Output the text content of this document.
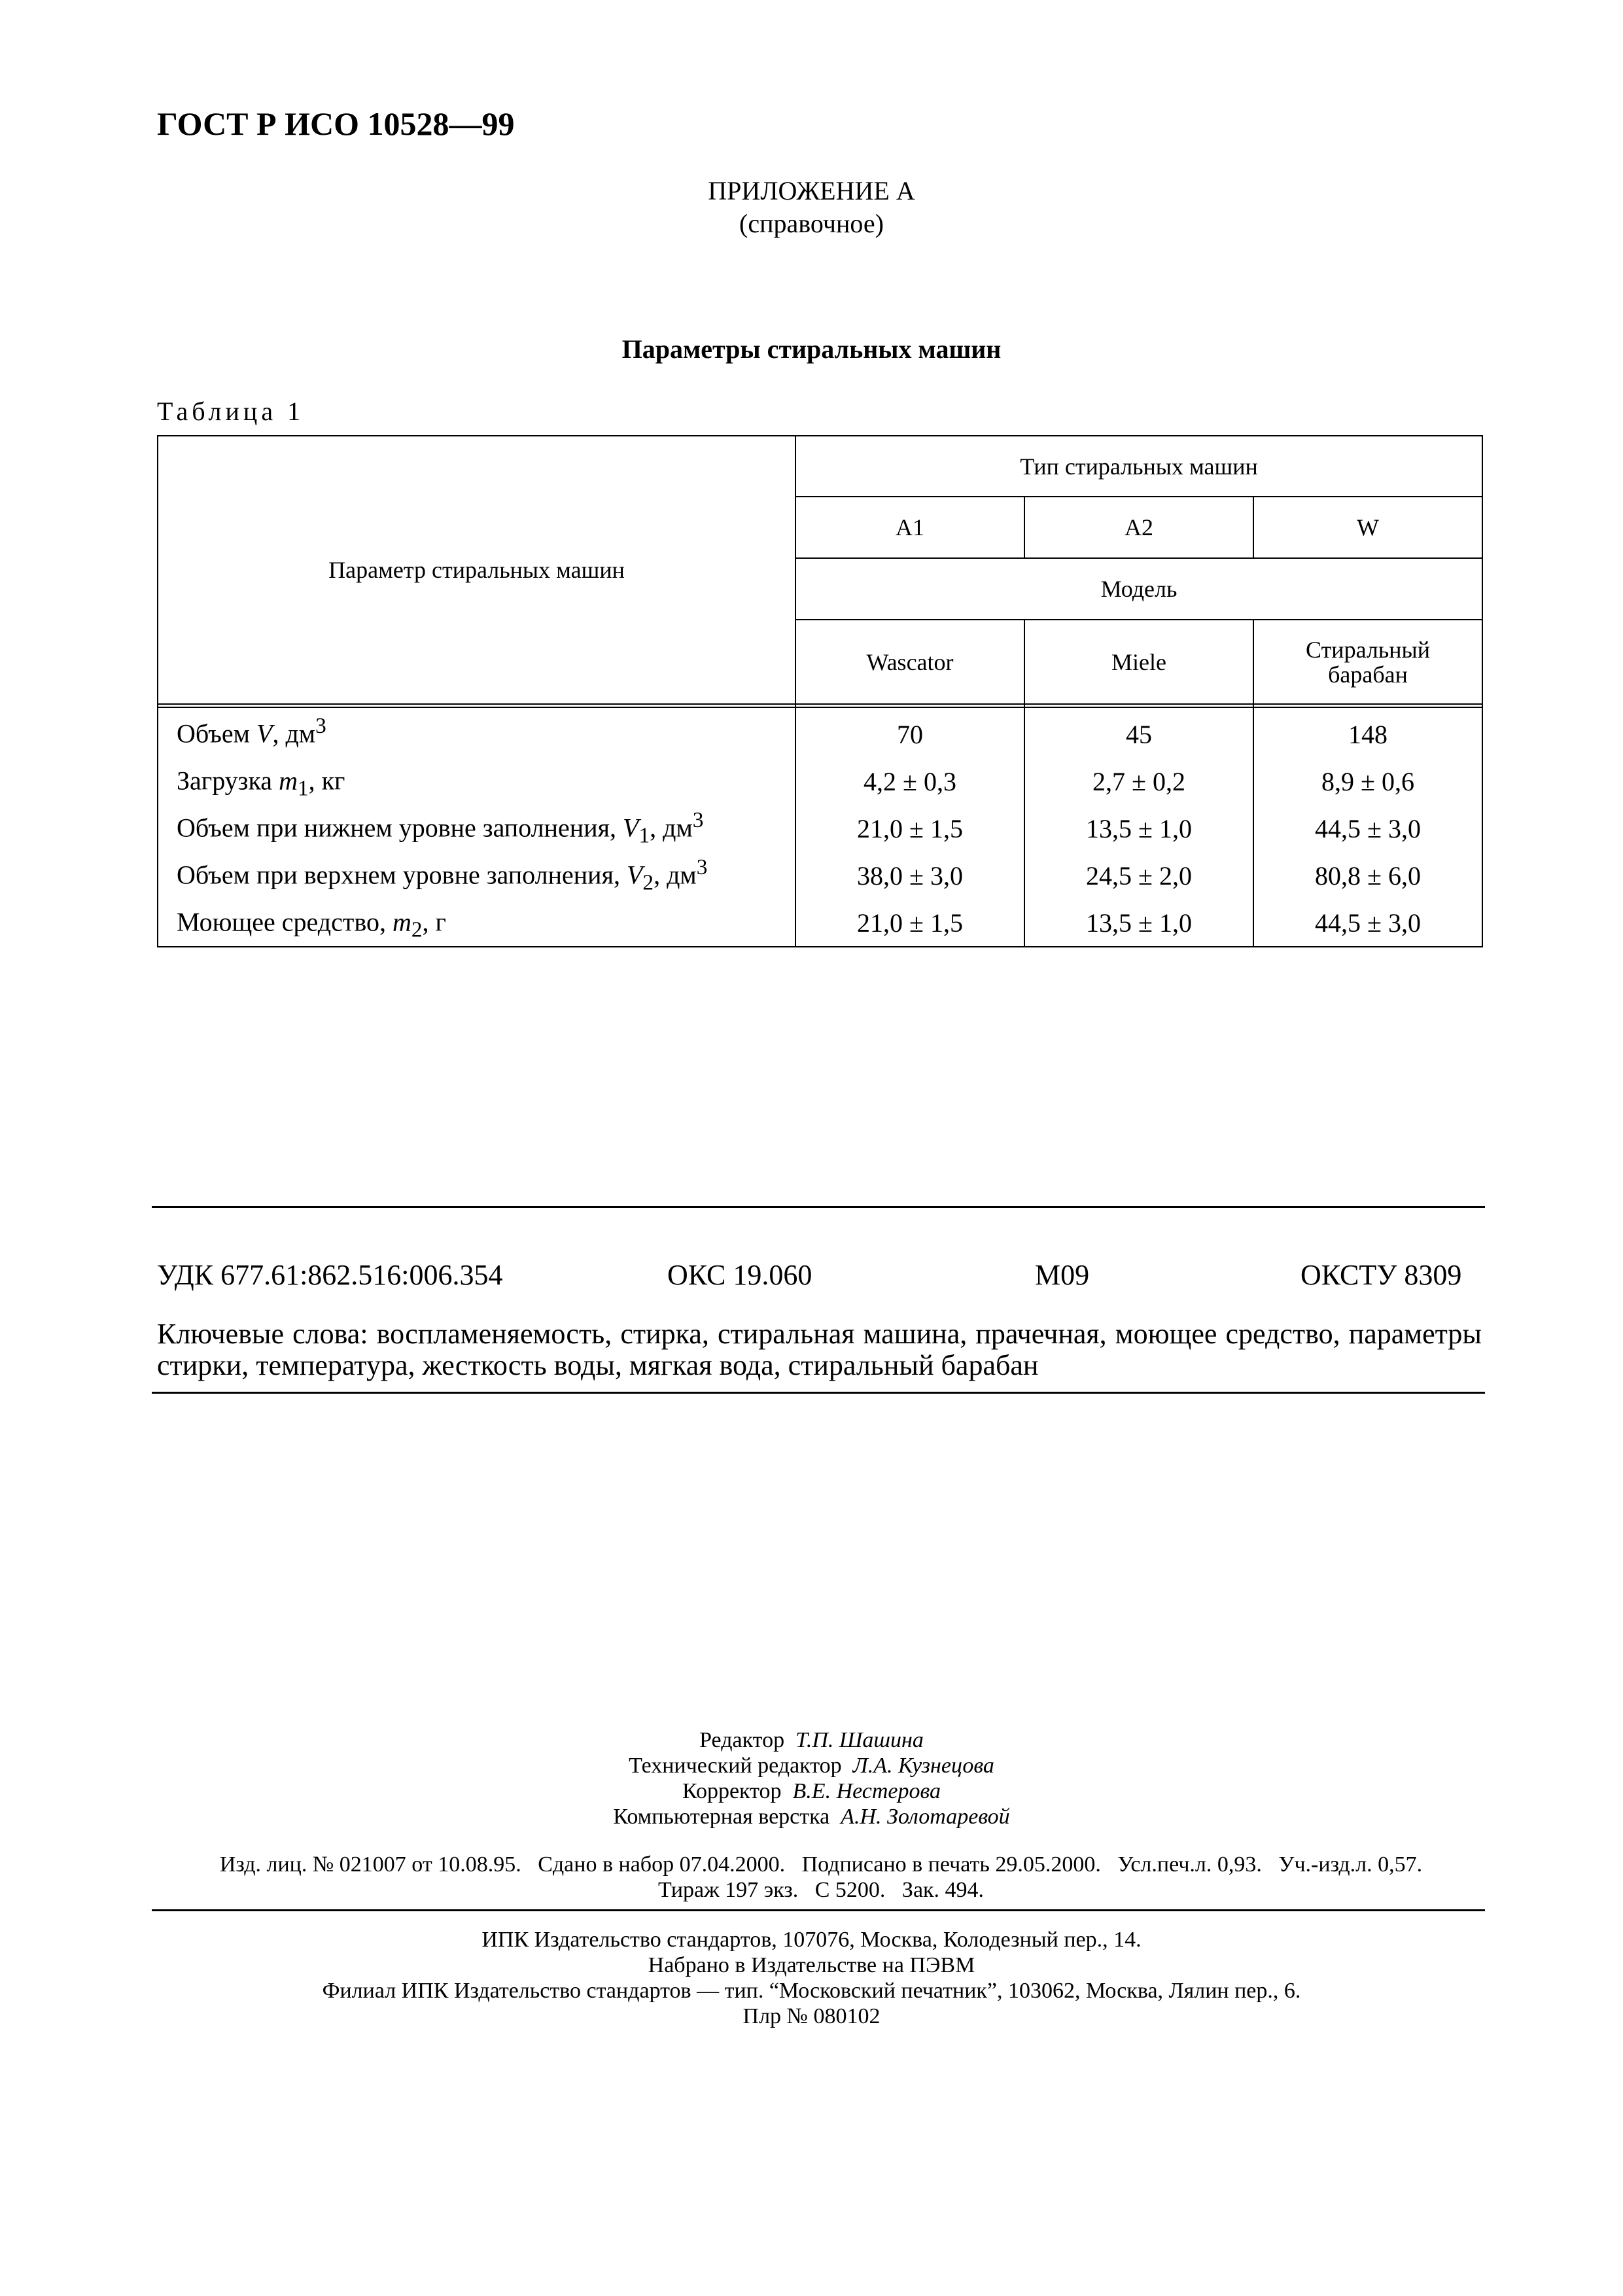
ГОСТ Р ИСО 10528—99
ПРИЛОЖЕНИЕ А
(справочное)
Параметры стиральных машин
Таблица 1
Параметр стиральных машин	Тип стиральных машин		
	A1	A2	W
	Модель		
	Wascator	Miele	Стиральный барабан

Объем V, $дм^3$	70	45	148
Загрузка $m_1$, кг	4,2 ± 0,3	2,7 ± 0,2	8,9 ± 0,6
Объем при нижнем уровне заполнения, $V_1$, $дм^3$	21,0 ± 1,5	13,5 ± 1,0	44,5 ± 3,0
Объем при верхнем уровне заполнения, $V_2$, $дм^3$	38,0 ± 3,0	24,5 ± 2,0	80,8 ± 6,0
Моющее средство, $m_2$, г	21,0 ± 1,5	13,5 ± 1,0	44,5 ± 3,0
УДК 677.61:862.516:006.354	ОКС 19.060	М09	ОКСТУ 8309
Ключевые слова: воспламеняемость, стирка, стиральная машина, прачечная, моющее средство, параметры стирки, температура, жесткость воды, мягкая вода, стиральный барабан
Редактор Т.П. Шашина
Технический редактор Л.А. Кузнецова
Корректор В.Е. Нестерова
Компьютерная верстка А.Н. Золотаревой
Изд. лиц. № 021007 от 10.08.95.   Сдано в набор 07.04.2000.   Подписано в печать 29.05.2000.   Усл.печ.л. 0,93.   Уч.-изд.л. 0,57.
Тираж 197 экз.   С 5200.   Зак. 494.
ИПК Издательство стандартов, 107076, Москва, Колодезный пер., 14.
Набрано в Издательстве на ПЭВМ
Филиал ИПК Издательство стандартов — тип. “Московский печатник”, 103062, Москва, Лялин пер., 6.
Плр № 080102
